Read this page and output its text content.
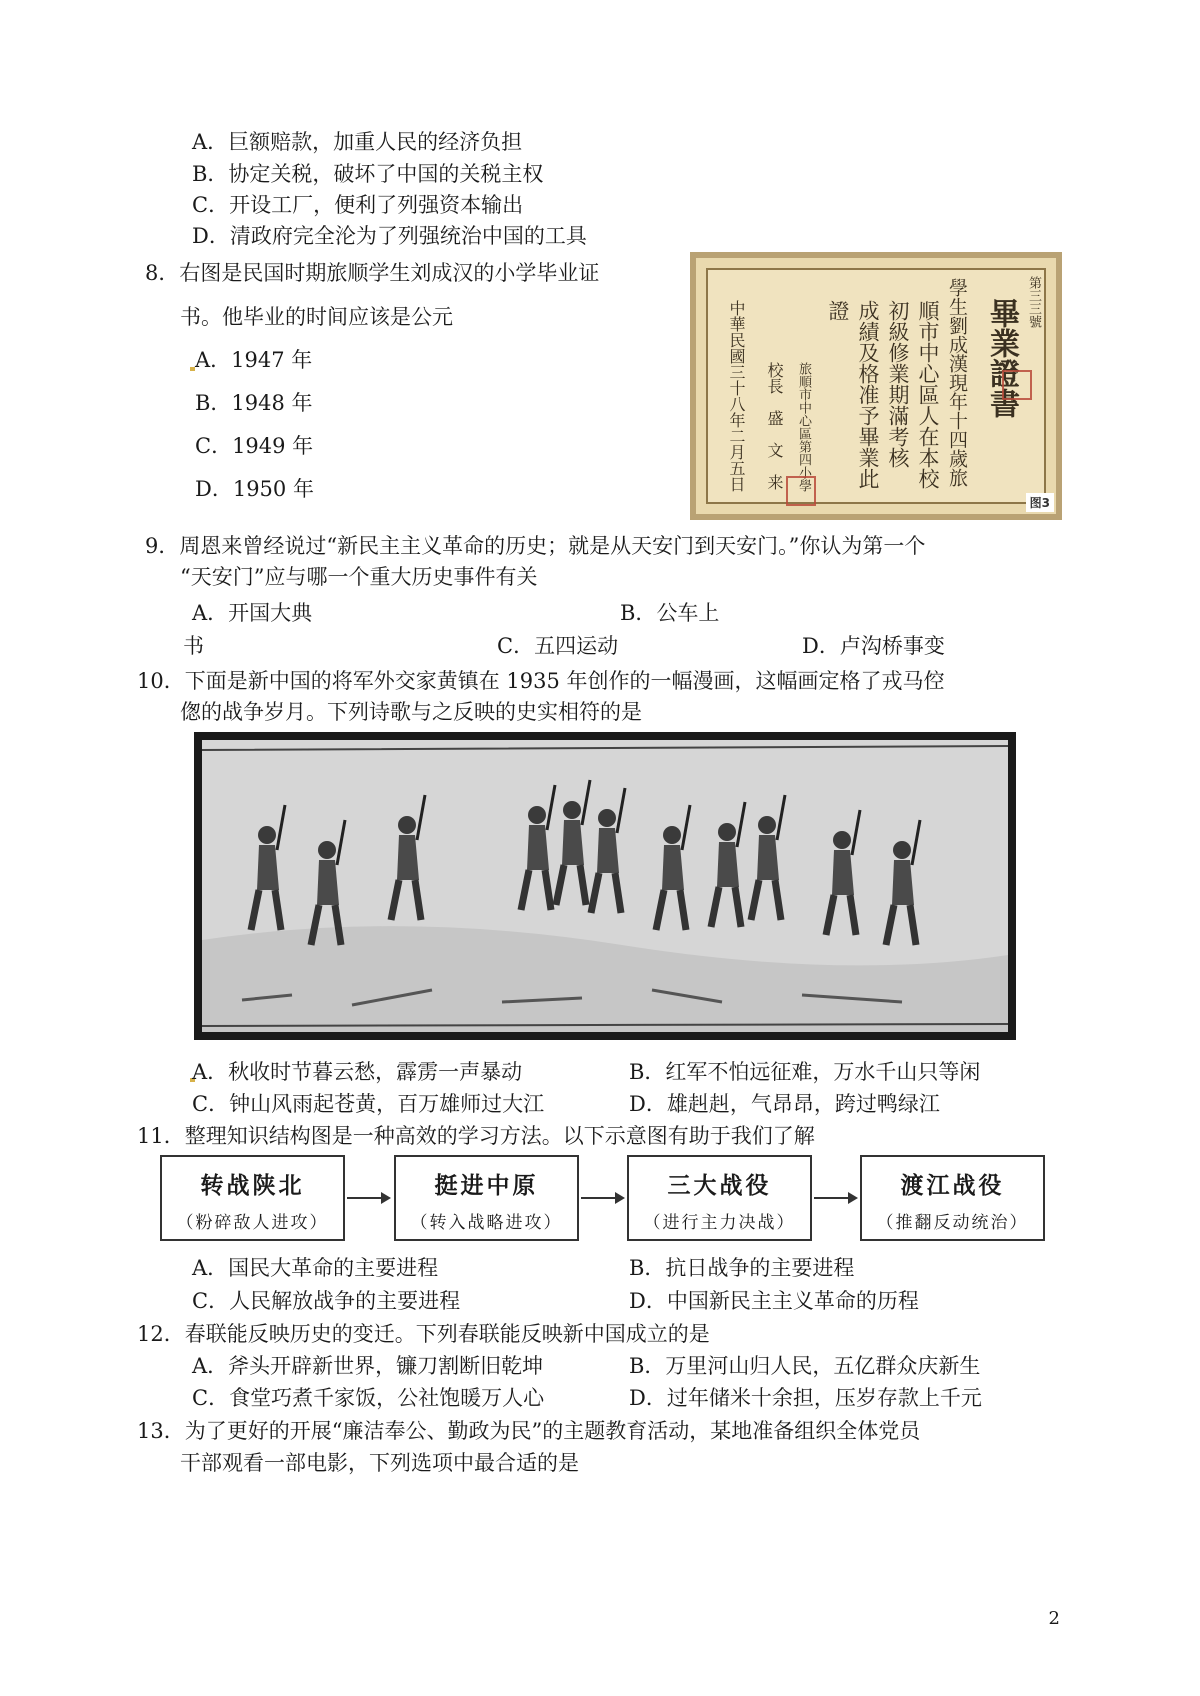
A．巨额赔款，加重人民的经济负担
B．协定关税，破坏了中国的关税主权
C．开设工厂，便利了列强资本输出
D．清政府完全沦为了列强统治中国的工具
8．右图是民国时期旅顺学生刘成汉的小学毕业证
书。他毕业的时间应该是公元
A．1947 年
B．1948 年
C．1949 年
D．1950 年
第三三號
畢業證書
學生劉成漢現年十四歲旅
順市中心區人在本校
初級修業期滿考核
成績及格准予畢業此
證
旅順市中心區第四小學
校長　盛　文　来
中華民國三十八年二月五日
图3
9．周恩来曾经说过“新民主主义革命的历史；就是从天安门到天安门。”你认为第一个
“天安门”应与哪一个重大历史事件有关
A．开国大典	B．公车上
书	C．五四运动	D．卢沟桥事变
10．下面是新中国的将军外交家黄镇在 1935 年创作的一幅漫画，这幅画定格了戎马倥
偬的战争岁月。下列诗歌与之反映的史实相符的是
A．秋收时节暮云愁，霹雳一声暴动	B．红军不怕远征难，万水千山只等闲
C．钟山风雨起苍黄，百万雄师过大江	D．雄赳赳，气昂昂，跨过鸭绿江
11．整理知识结构图是一种高效的学习方法。以下示意图有助于我们了解
转战陕北
（粉碎敌人进攻）
挺进中原
（转入战略进攻）
三大战役
（进行主力决战）
渡江战役
（推翻反动统治）
A．国民大革命的主要进程	B．抗日战争的主要进程
C．人民解放战争的主要进程	D．中国新民主主义革命的历程
12．春联能反映历史的变迁。下列春联能反映新中国成立的是
A．斧头开辟新世界，镰刀割断旧乾坤	B．万里河山归人民，五亿群众庆新生
C．食堂巧煮千家饭，公社饱暖万人心	D．过年储米十余担，压岁存款上千元
13．为了更好的开展“廉洁奉公、勤政为民”的主题教育活动，某地准备组织全体党员
干部观看一部电影，下列选项中最合适的是
2
